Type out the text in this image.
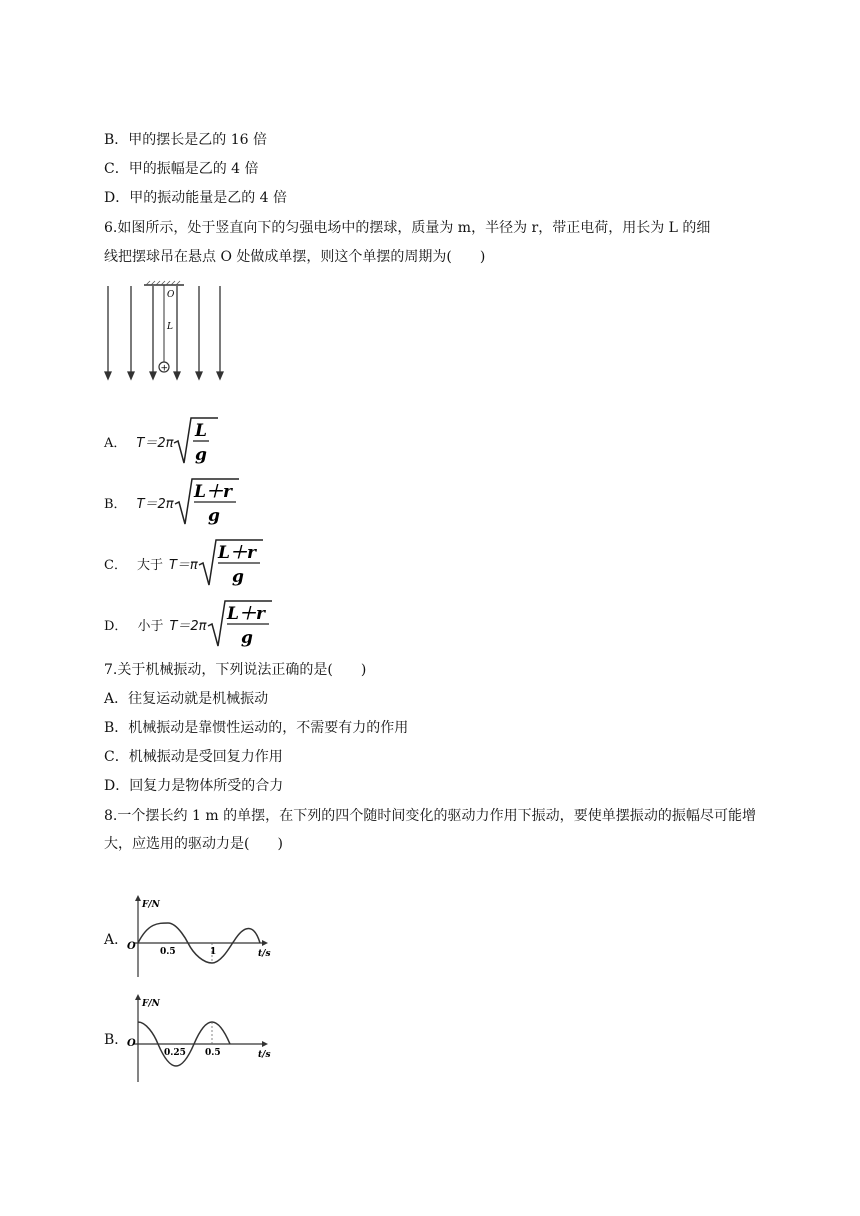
B．甲的摆长是乙的 16 倍
C．甲的振幅是乙的 4 倍
D．甲的振动能量是乙的 4 倍
6.如图所示，处于竖直向下的匀强电场中的摆球，质量为 m，半径为 r，带正电荷，用长为 L 的细
线把摆球吊在悬点 O 处做成单摆，则这个单摆的周期为(　　)
O
L
+
A． T＝2π
L
g
B． T＝2π
L＋r
g
C． 大于 T＝π
L＋r
g
D． 小于 T＝2π
L＋r
g
7.关于机械振动，下列说法正确的是(　　)
A．往复运动就是机械振动
B．机械振动是靠惯性运动的，不需要有力的作用
C．机械振动是受回复力作用
D．回复力是物体所受的合力
8.一个摆长约 1 m 的单摆，在下列的四个随时间变化的驱动力作用下振动，要使单摆振动的振幅尽可能增大，应选用的驱动力是(　　)
A．
F/N
t/s
O	0.5	1
B．
F/N
t/s
O
0.25 0.5
